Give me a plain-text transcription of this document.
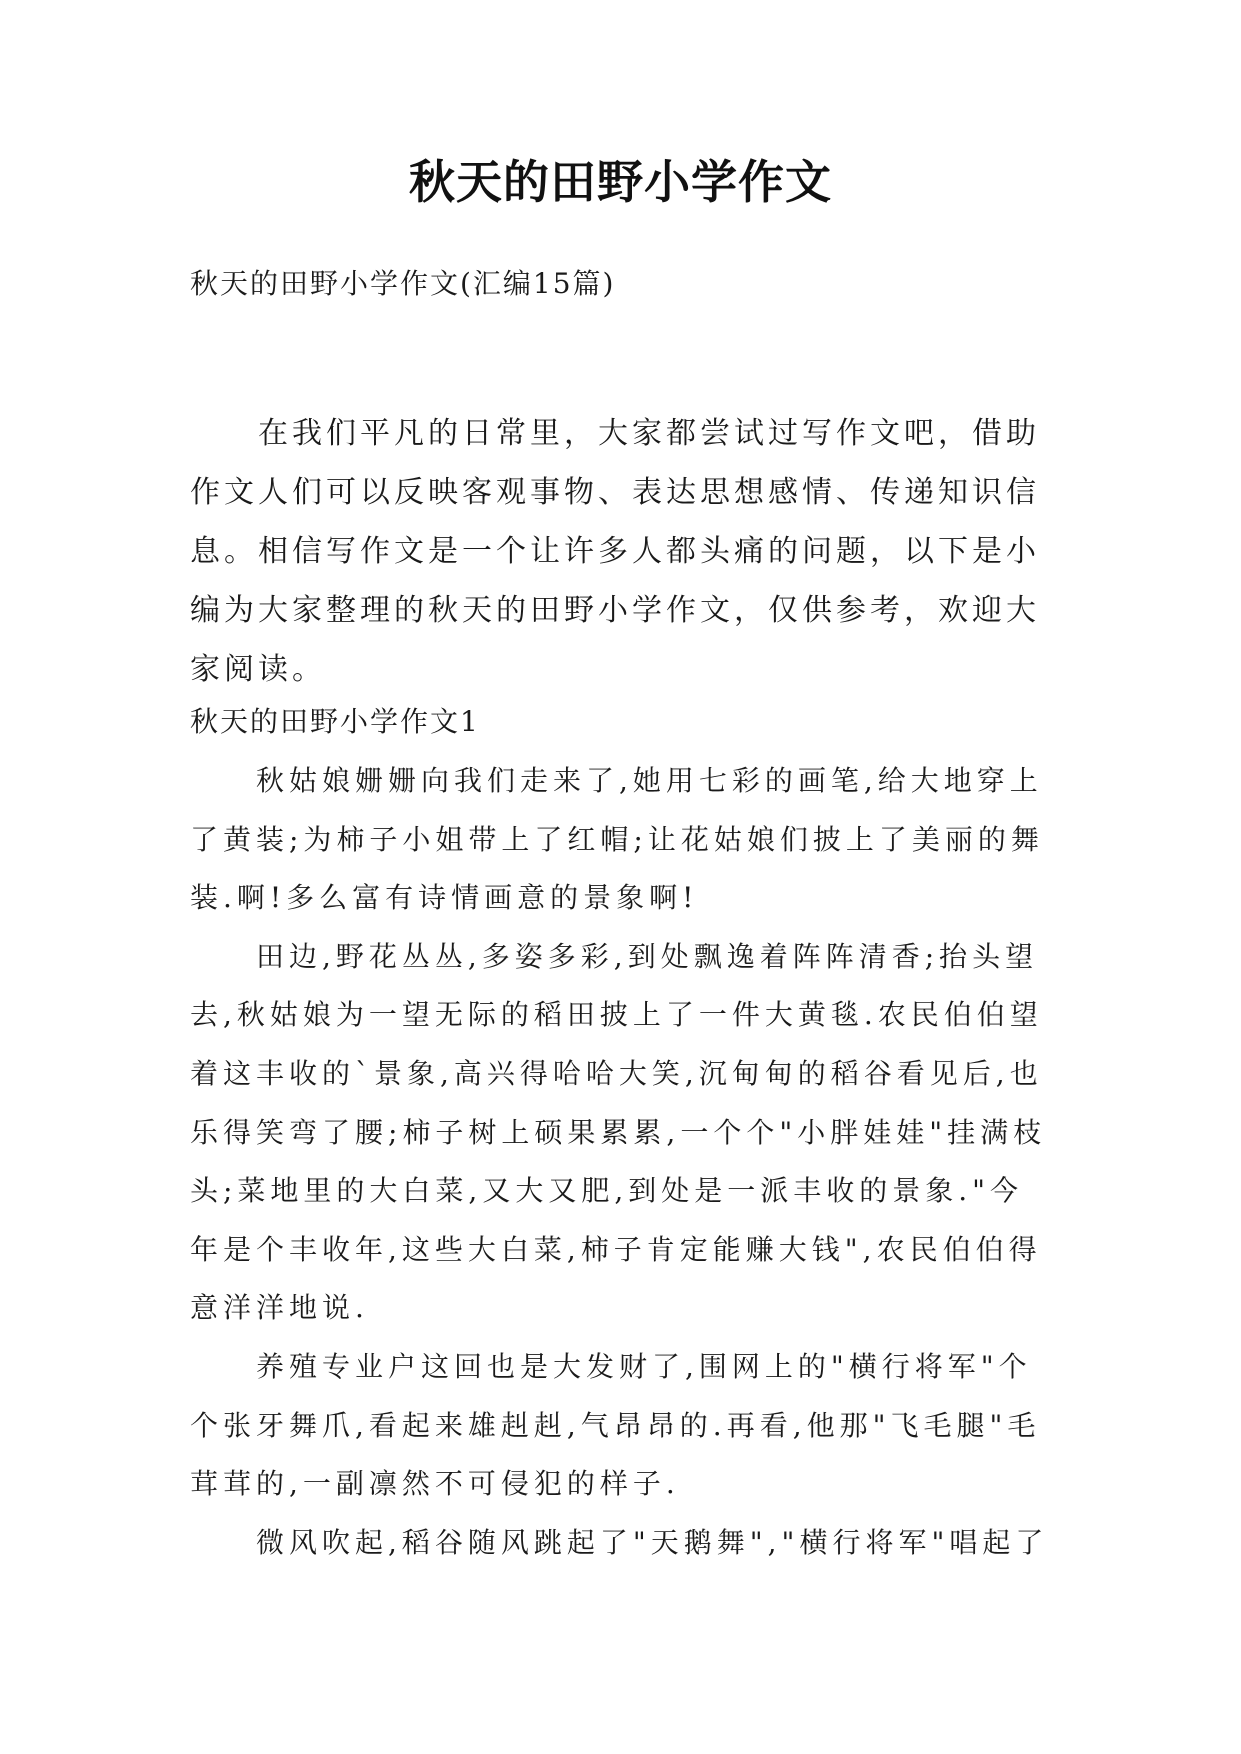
秋天的田野小学作文
秋天的田野小学作文(汇编15篇)

在我们平凡的日常里，大家都尝试过写作文吧，借助作文人们可以反映客观事物、表达思想感情、传递知识信息。相信写作文是一个让许多人都头痛的问题，以下是小编为大家整理的秋天的田野小学作文，仅供参考，欢迎大家阅读。

秋天的田野小学作文1

秋姑娘姗姗向我们走来了,她用七彩的画笔,给大地穿上了黄装;为柿子小姐带上了红帽;让花姑娘们披上了美丽的舞装.啊!多么富有诗情画意的景象啊!

田边,野花丛丛,多姿多彩,到处飘逸着阵阵清香;抬头望去,秋姑娘为一望无际的稻田披上了一件大黄毯.农民伯伯望着这丰收的`景象,高兴得哈哈大笑,沉甸甸的稻谷看见后,也乐得笑弯了腰;柿子树上硕果累累,一个个"小胖娃娃"挂满枝头;菜地里的大白菜,又大又肥,到处是一派丰收的景象."今年是个丰收年,这些大白菜,柿子肯定能赚大钱",农民伯伯得意洋洋地说.

养殖专业户这回也是大发财了,围网上的"横行将军"个个张牙舞爪,看起来雄赳赳,气昂昂的.再看,他那"飞毛腿"毛茸茸的,一副凛然不可侵犯的样子.

微风吹起,稻谷随风跳起了"天鹅舞","横行将军"唱起了
